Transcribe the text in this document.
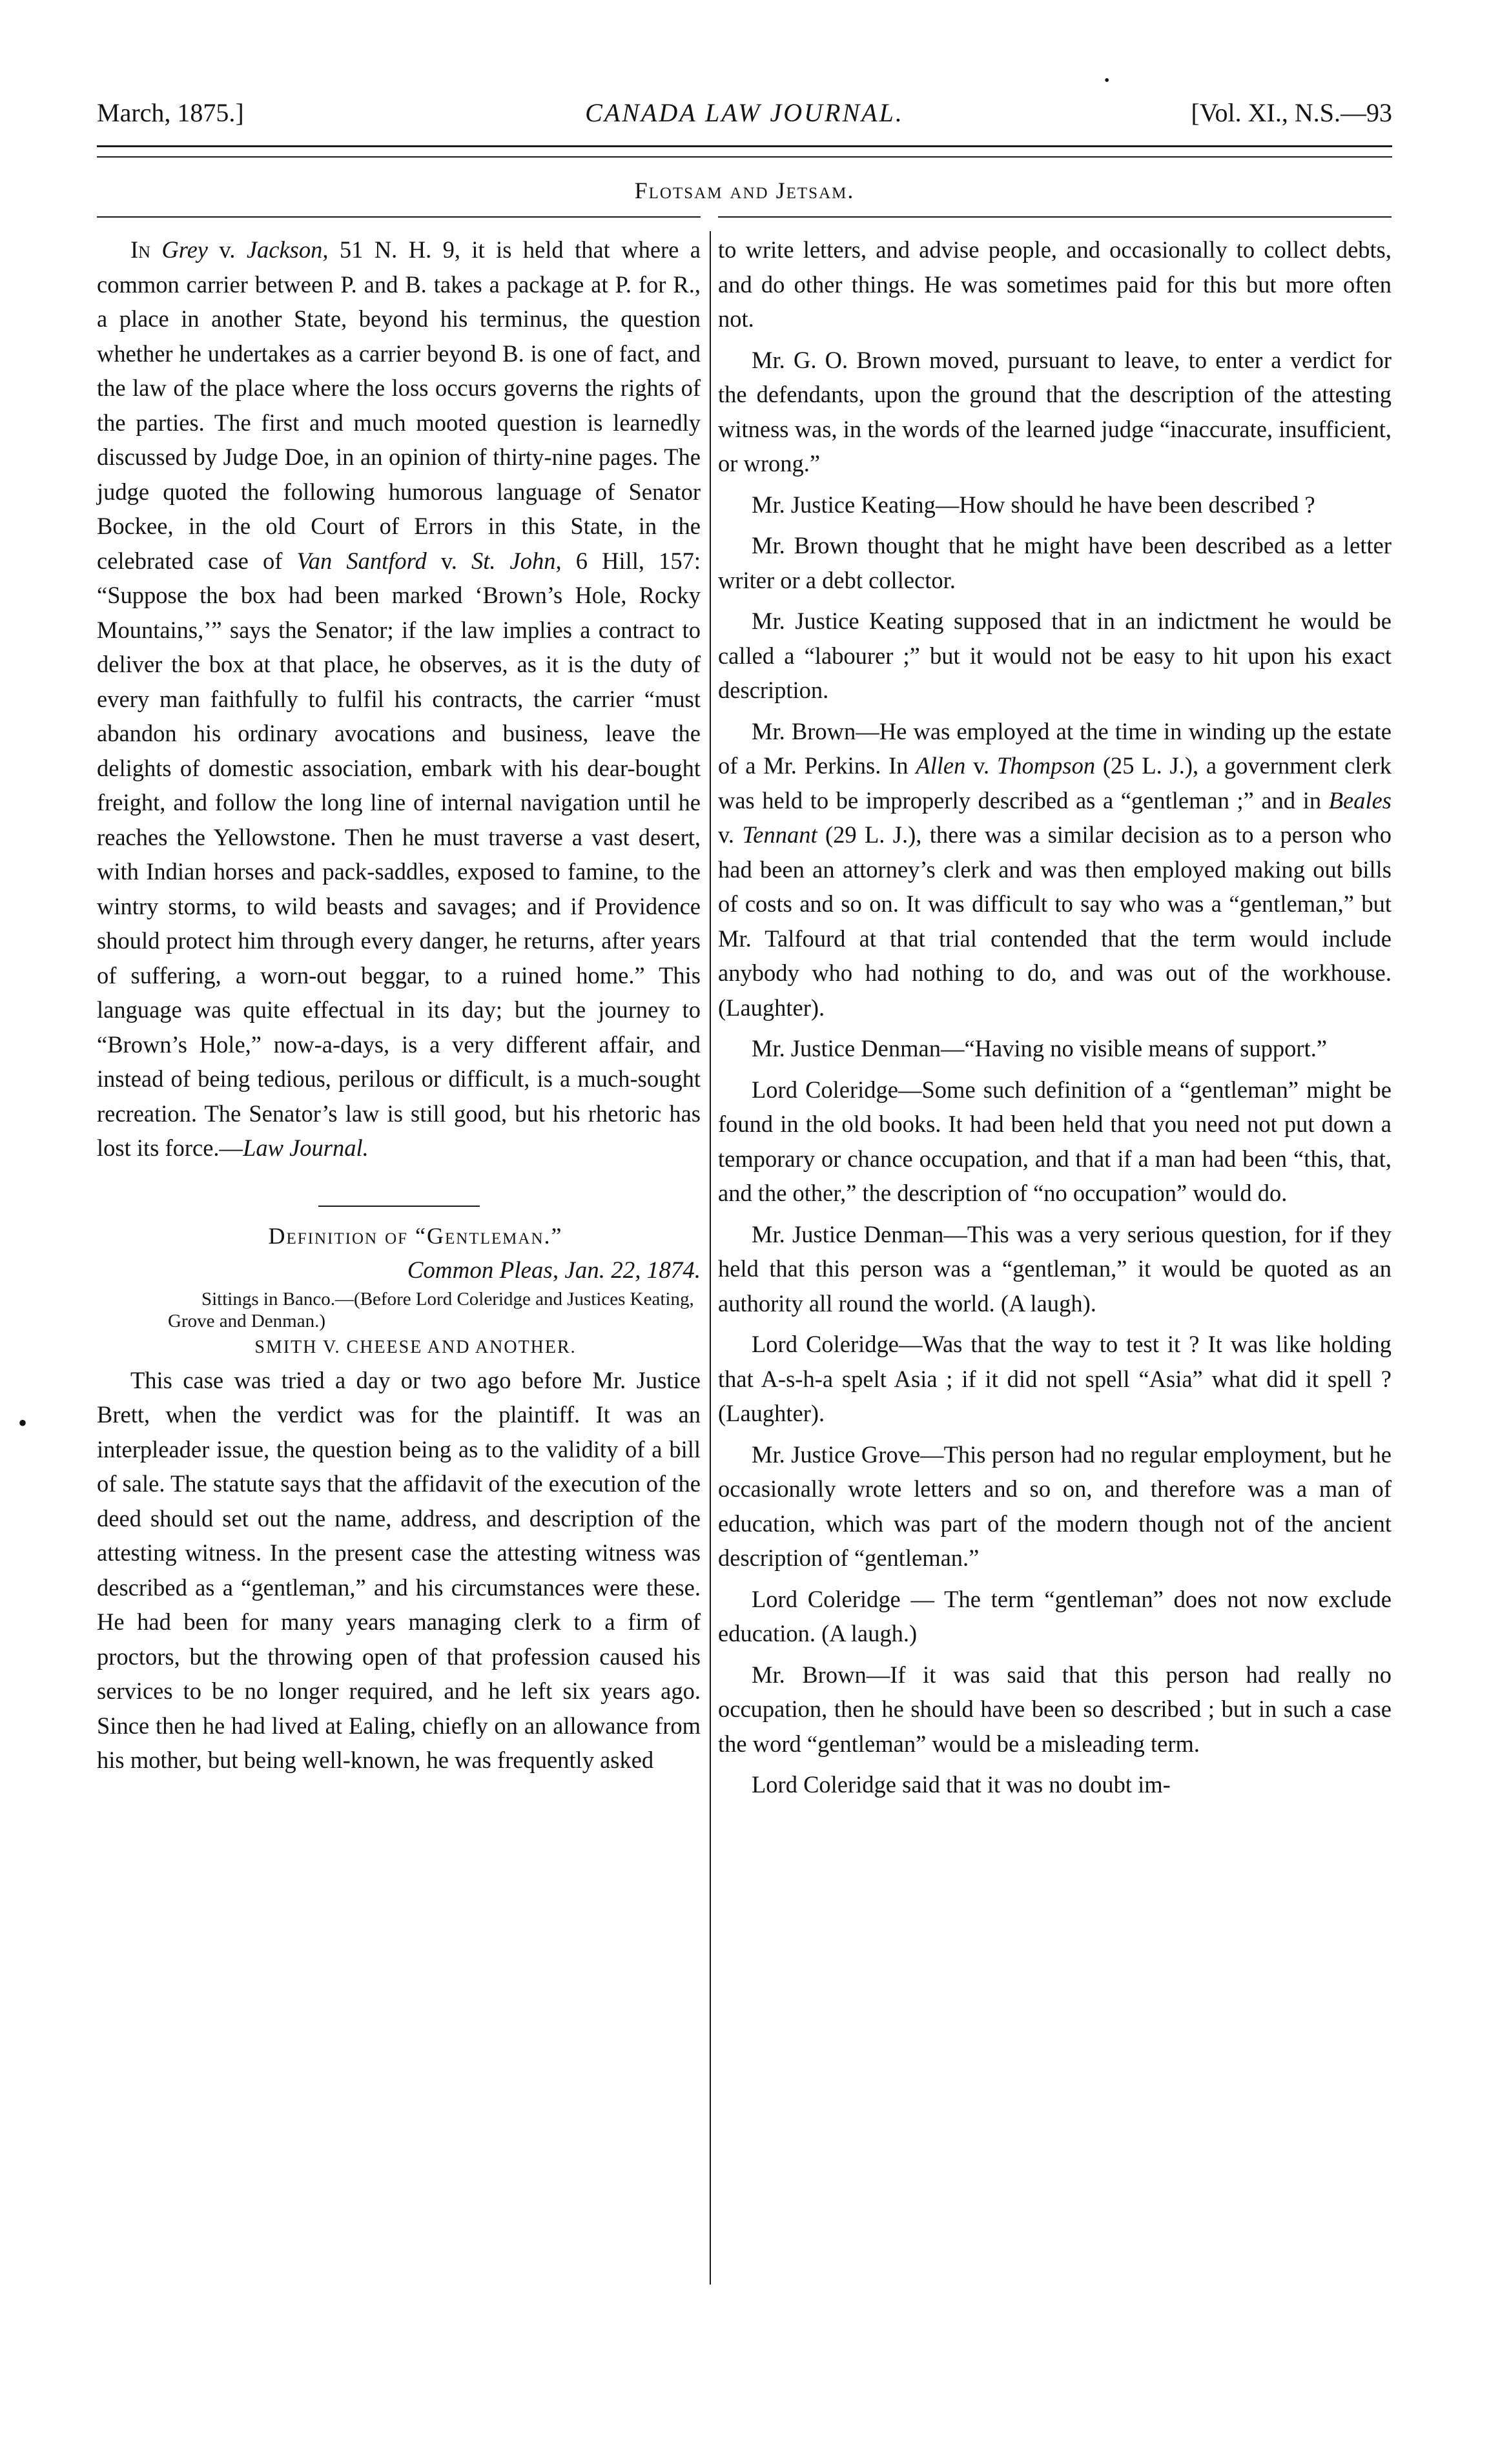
March, 1875.]	CANADA LAW JOURNAL.	[Vol. XI., N.S.—93
•
Flotsam and Jetsam.

In Grey v. Jackson, 51 N. H. 9, it is held that where a common carrier between P. and B. takes a package at P. for R., a place in another State, beyond his terminus, the question whether he undertakes as a carrier beyond B. is one of fact, and the law of the place where the loss occurs governs the rights of the parties. The first and much mooted question is learnedly discussed by Judge Doe, in an opinion of thirty-nine pages. The judge quoted the following humorous language of Senator Bockee, in the old Court of Errors in this State, in the celebrated case of Van Santford v. St. John, 6 Hill, 157: “Suppose the box had been marked ‘Brown’s Hole, Rocky Mountains,’” says the Senator; if the law implies a contract to deliver the box at that place, he observes, as it is the duty of every man faithfully to fulfil his contracts, the carrier “must abandon his ordinary avocations and business, leave the delights of domestic association, embark with his dear-bought freight, and follow the long line of internal navigation until he reaches the Yellowstone. Then he must traverse a vast desert, with Indian horses and pack-saddles, exposed to famine, to the wintry storms, to wild beasts and savages; and if Providence should protect him through every danger, he returns, after years of suffering, a worn-out beggar, to a ruined home.” This language was quite effectual in its day; but the journey to “Brown’s Hole,” now-a-days, is a very different affair, and instead of being tedious, perilous or difficult, is a much-sought recreation. The Senator’s law is still good, but his rhetoric has lost its force.—Law Journal.

Definition of “Gentleman.”

Common Pleas, Jan. 22, 1874.

Sittings in Banco.—(Before Lord Coleridge and Justices Keating, Grove and Denman.)

SMITH V. CHEESE AND ANOTHER.

This case was tried a day or two ago before Mr. Justice Brett, when the verdict was for the plaintiff. It was an interpleader issue, the question being as to the validity of a bill of sale. The statute says that the affidavit of the execution of the deed should set out the name, address, and description of the attesting witness. In the present case the attesting witness was described as a “gentleman,” and his circumstances were these. He had been for many years managing clerk to a firm of proctors, but the throwing open of that profession caused his services to be no longer required, and he left six years ago. Since then he had lived at Ealing, chiefly on an allowance from his mother, but being well-known, he was frequently asked

to write letters, and advise people, and occasionally to collect debts, and do other things. He was sometimes paid for this but more often not.

Mr. G. O. Brown moved, pursuant to leave, to enter a verdict for the defendants, upon the ground that the description of the attesting witness was, in the words of the learned judge “inaccurate, insufficient, or wrong.”

Mr. Justice Keating—How should he have been described ?

Mr. Brown thought that he might have been described as a letter writer or a debt collector.

Mr. Justice Keating supposed that in an indictment he would be called a “labourer ;” but it would not be easy to hit upon his exact description.

Mr. Brown—He was employed at the time in winding up the estate of a Mr. Perkins. In Allen v. Thompson (25 L. J.), a government clerk was held to be improperly described as a “gentleman ;” and in Beales v. Tennant (29 L. J.), there was a similar decision as to a person who had been an attorney’s clerk and was then employed making out bills of costs and so on. It was difficult to say who was a “gentleman,” but Mr. Talfourd at that trial contended that the term would include anybody who had nothing to do, and was out of the workhouse. (Laughter).

Mr. Justice Denman—“Having no visible means of support.”

Lord Coleridge—Some such definition of a “gentleman” might be found in the old books. It had been held that you need not put down a temporary or chance occupation, and that if a man had been “this, that, and the other,” the description of “no occupation” would do.

Mr. Justice Denman—This was a very serious question, for if they held that this person was a “gentleman,” it would be quoted as an authority all round the world. (A laugh).

Lord Coleridge—Was that the way to test it ? It was like holding that A-s-h-a spelt Asia ; if it did not spell “Asia” what did it spell ? (Laughter).

Mr. Justice Grove—This person had no regular employment, but he occasionally wrote letters and so on, and therefore was a man of education, which was part of the modern though not of the ancient description of “gentleman.”

Lord Coleridge — The term “gentleman” does not now exclude education. (A laugh.)

Mr. Brown—If it was said that this person had really no occupation, then he should have been so described ; but in such a case the word “gentleman” would be a misleading term.

Lord Coleridge said that it was no doubt im-

•
